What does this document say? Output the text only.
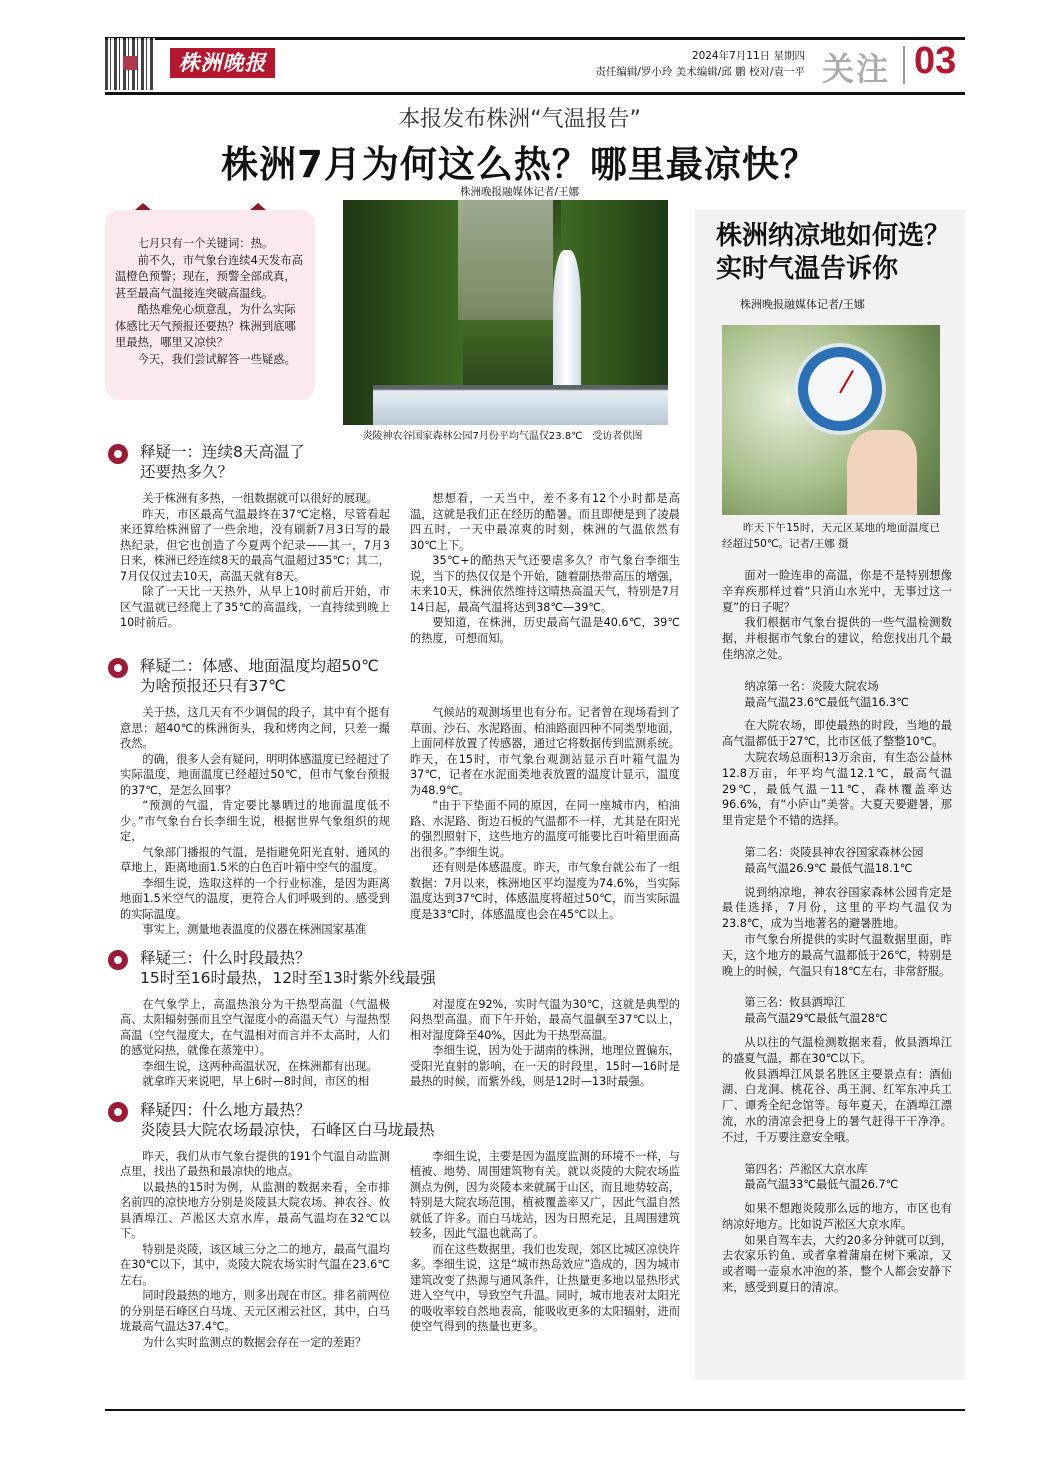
株洲晚报	2024年7月11日 星期四
责任编辑/罗小玲 美术编辑/邱 鹏 校对/袁一平 关注 03
本报发布株洲“气温报告”
株洲7月为何这么热？哪里最凉快？
株洲晚报融媒体记者/王娜

七月只有一个关键词：热。

前不久，市气象台连续4天发布高温橙色预警；现在，预警全部成真，甚至最高气温接连突破高温线。

酷热难免心烦意乱，为什么实际体感比天气预报还要热？株洲到底哪里最热，哪里又凉快？

今天，我们尝试解答一些疑惑。

炎陵神农谷国家森林公园7月份平均气温仅23.8℃　受访者供图
释疑一：连续8天高温了
还要热多久？

关于株洲有多热，一组数据就可以很好的展现。

昨天，市区最高气温最终在37℃定格，尽管看起来还算给株洲留了一些余地，没有刷新7月3日写的最热纪录，但它也创造了今夏两个纪录——其一，7月3日来，株洲已经连续8天的最高气温超过35℃；其二，7月仅仅过去10天，高温天就有8天。

除了一天比一天热外，从早上10时前后开始，市区气温就已经爬上了35℃的高温线，一直持续到晚上10时前后。

想想看，一天当中，差不多有12个小时都是高温，这就是我们正在经历的酷暑。而且即便是到了凌晨四五时，一天中最凉爽的时刻，株洲的气温依然有30℃上下。

35℃+的酷热天气还要虐多久？市气象台李细生说，当下的热仅仅是个开始，随着副热带高压的增强，未来10天，株洲依然维持这晴热高温天气，特别是7月14日起，最高气温将达到38℃—39℃。

要知道，在株洲，历史最高气温是40.6℃，39℃的热度，可想而知。

释疑二：体感、地面温度均超50℃
为啥预报还只有37℃

关于热，这几天有不少调侃的段子，其中有个挺有意思：超40℃的株洲街头，我和烤肉之间，只差一撮孜然。

的确，很多人会有疑问，明明体感温度已经超过了实际温度，地面温度已经超过50℃，但市气象台预报的37℃，是怎么回事？

“预测的气温，肯定要比暴晒过的地面温度低不少。”市气象台台长李细生说，根据世界气象组织的规定，

气象部门播报的气温，是指避免阳光直射、通风的草地上，距离地面1.5米的白色百叶箱中空气的温度。

李细生说，选取这样的一个行业标准，是因为距离地面1.5米空气的温度，更符合人们呼吸到的、感受到的实际温度。

事实上，测量地表温度的仪器在株洲国家基准

气候站的观测场里也有分布。记者曾在现场看到了草面、沙石、水泥路面、柏油路面四种不同类型地面，上面同样放置了传感器，通过它将数据传到监测系统。昨天，在15时，市气象台观测站显示百叶箱气温为37℃，记者在水泥面类地表放置的温度计显示，温度为48.9℃。

“由于下垫面不同的原因，在同一座城市内，柏油路、水泥路、街边石板的气温都不一样，尤其是在阳光的强烈照射下，这些地方的温度可能要比百叶箱里面高出很多。”李细生说。

还有则是体感温度。昨天，市气象台就公布了一组数据：7月以来，株洲地区平均湿度为74.6%，当实际温度达到37℃时，体感温度将超过50℃，而当实际温度是33℃时，体感温度也会在45℃以上。

释疑三：什么时段最热？
15时至16时最热，12时至13时紫外线最强

在气象学上，高温热浪分为干热型高温（气温极高、太阳辐射强而且空气湿度小的高温天气）与湿热型高温（空气湿度大，在气温相对而言并不太高时，人们的感觉闷热，就像在蒸笼中）。

李细生说，这两种高温状况，在株洲都有出现。

就拿昨天来说吧，早上6时—8时间，市区的相

对湿度在92%，实时气温为30℃，这就是典型的闷热型高温。而下午开始，最高气温飙至37℃以上，相对湿度降至40%，因此为干热型高温。

李细生说，因为处于湖南的株洲，地理位置偏东，受阳光直射的影响，在一天的时段里，15时—16时是最热的时候，而紫外线，则是12时—13时最强。

释疑四：什么地方最热？
炎陵县大院农场最凉快，石峰区白马垅最热

昨天，我们从市气象台提供的191个气温自动监测点里，找出了最热和最凉快的地点。

以最热的15时为例，从监测的数据来看，全市排名前四的凉快地方分别是炎陵县大院农场、神农谷、攸县酒埠江、芦淞区大京水库，最高气温均在32℃以下。

特别是炎陵，该区域三分之二的地方，最高气温均在30℃以下，其中，炎陵大院农场实时气温在23.6℃左右。

同时段最热的地方，则多出现在市区。排名前两位的分别是石峰区白马垅、天元区湘云社区，其中，白马垅最高气温达37.4℃。

为什么实时监测点的数据会存在一定的差距？

李细生说，主要是因为温度监测的环境不一样，与植被、地势、周围建筑物有关。就以炎陵的大院农场监测点为例，因为炎陵本来就属于山区，而且地势较高，特别是大院农场范围，植被覆盖率又广，因此气温自然就低了许多。而白马垅站，因为日照充足，且周围建筑较多，因此气温也就高了。

而在这些数据里，我们也发现，郊区比城区凉快许多。李细生说，这是“城市热岛效应”造成的，因为城市建筑改变了热源与通风条件，让热量更多地以显热形式进入空气中，导致空气升温。同时，城市地表对太阳光的吸收率较自然地表高，能吸收更多的太阳辐射，进而使空气得到的热量也更多。

株洲纳凉地如何选？
实时气温告诉你
株洲晚报融媒体记者/王娜
昨天下午15时，天元区某地的地面温度已经超过50℃。记者/王娜 摄

面对一睑连串的高温，你是不是特别想像辛弃疾那样过着“只消山水光中，无事过这一夏”的日子呢？

我们根据市气象台提供的一些气温检测数据，并根据市气象台的建议，给您找出几个最佳纳凉之处。

纳凉第一名：炎陵大院农场

最高气温23.6℃最低气温16.3℃

在大院农场，即使最热的时段，当地的最高气温都低于27℃，比市区低了整整10℃。

大院农场总面积13万余亩，有生态公益林12.8万亩，年平均气温12.1℃，最高气温29℃，最低气温－11℃，森林覆盖率达96.6%，有“小庐山”美誉。大夏天要避暑，那里肯定是个不错的选择。

第二名：炎陵县神农谷国家森林公园

最高气温26.9℃ 最低气温18.1℃

说到纳凉地，神农谷国家森林公园肯定是最佳选择，7月份，这里的平均气温仅为23.8℃，成为当地著名的避暑胜地。

市气象台所提供的实时气温数据里面，昨天，这个地方的最高气温都低于26℃，特别是晚上的时候，气温只有18℃左右，非常舒服。

第三名：攸县酒埠江

最高气温29℃最低气温28℃

从以往的气温检测数据来看，攸县酒埠江的盛夏气温，都在30℃以下。

攸县酒埠江风景名胜区主要景点有：酒仙湖、白龙洞、桃花谷、禹王洞、红军东冲兵工厂、谭秀全纪念馆等。每年夏天，在酒埠江漂流，水的清凉会把身上的暑气赶得干干净净。不过，千万要注意安全哦。

第四名：芦淞区大京水库

最高气温33℃最低气温26.7℃

如果不想跑炎陵那么远的地方，市区也有纳凉好地方。比如说芦淞区大京水库。

如果自驾车去，大约20多分钟就可以到，去农家乐钓鱼、或者拿着蒲扇在树下乘凉，又或者喝一壶泉水冲泡的茶，整个人都会安静下来，感受到夏日的清凉。
